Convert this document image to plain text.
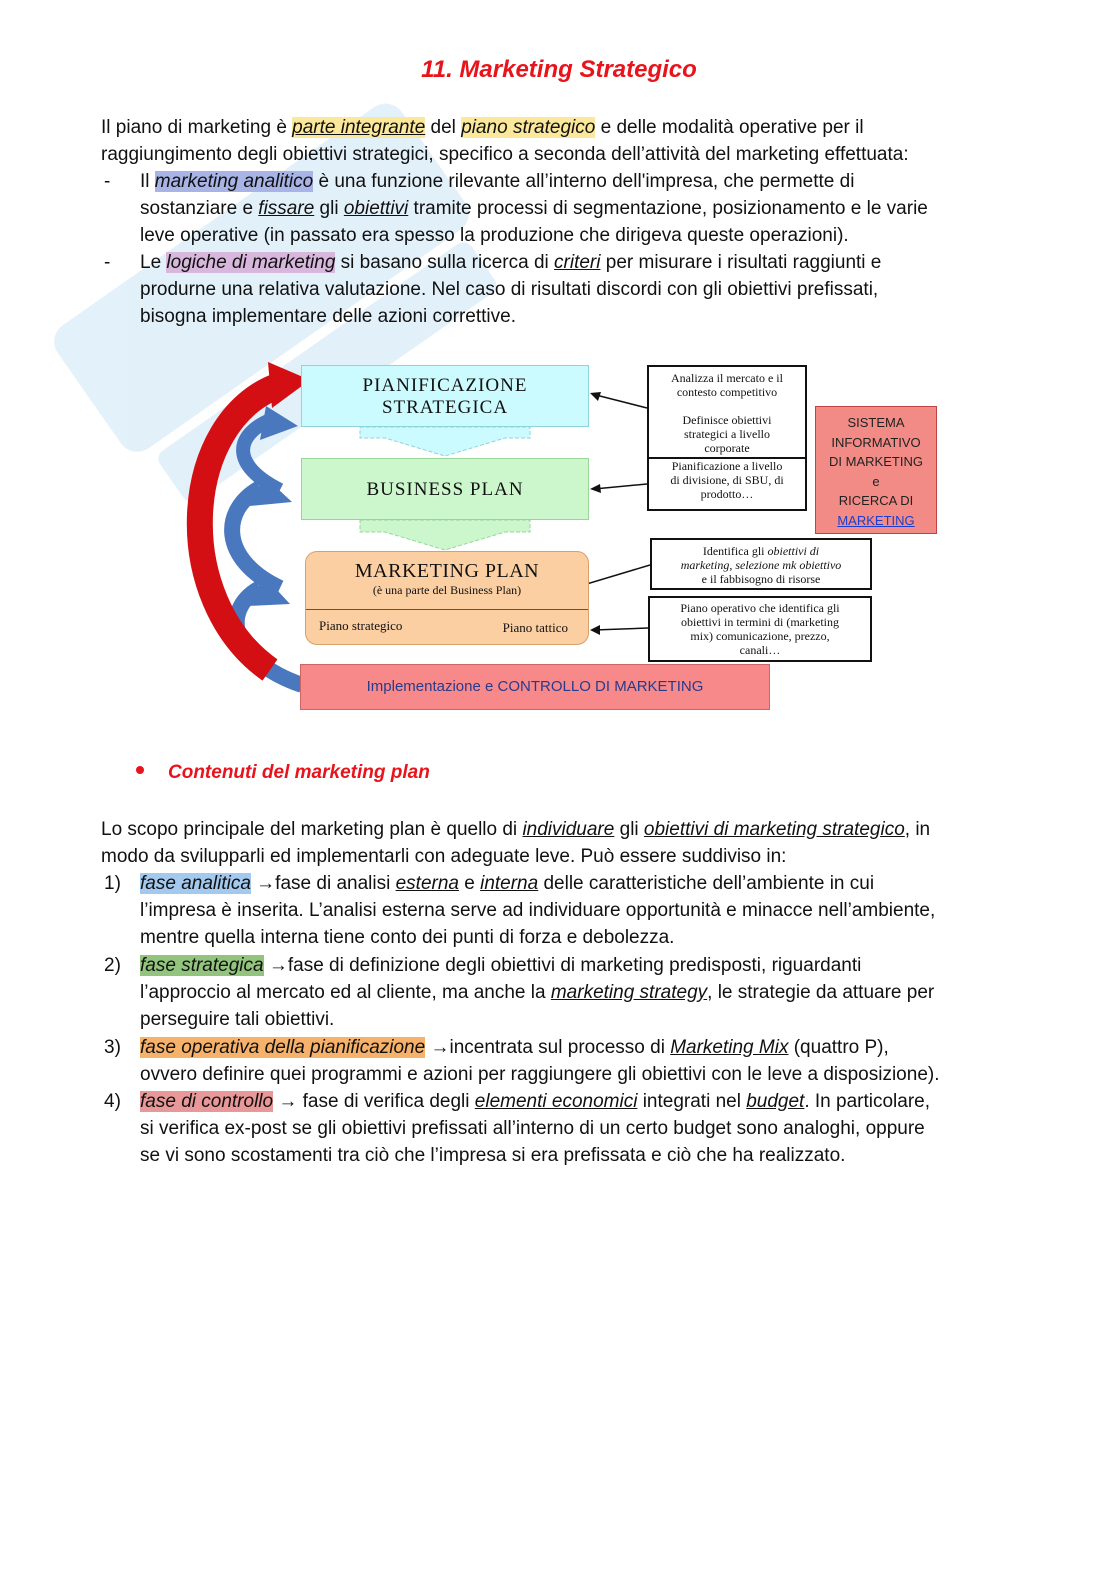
11. Marketing Strategico
Il piano di marketing è parte integrante del piano strategico e delle modalità operative per il
raggiungimento degli obiettivi strategici, specifico a seconda dell’attività del marketing effettuata:
- Il marketing analitico è una funzione rilevante all’interno dell'impresa, che permette di
sostanziare e fissare gli obiettivi tramite processi di segmentazione, posizionamento e le varie
leve operative (in passato era spesso la produzione che dirigeva queste operazioni).
- Le logiche di marketing si basano sulla ricerca di criteri per misurare i risultati raggiunti e
produrne una relativa valutazione. Nel caso di risultati discordi con gli obiettivi prefissati,
bisogna implementare delle azioni correttive.
PIANIFICAZIONE
STRATEGICA
BUSINESS PLAN
MARKETING PLAN
(è una parte del Business Plan)
Piano strategico	Piano tattico
Implementazione e CONTROLLO DI MARKETING
Analizza il mercato e il
contesto competitivo
Definisce obiettivi
strategici a livello
corporate
Pianificazione a livello
di divisione, di SBU, di
prodotto…
Identifica gli obiettivi di
marketing, selezione mk obiettivo
e il fabbisogno di risorse
Piano operativo che identifica gli
obiettivi in termini di (marketing
mix) comunicazione, prezzo,
canali…
SISTEMA
INFORMATIVO
DI MARKETING
e
RICERCA DI
MARKETING
Contenuti del marketing plan
Lo scopo principale del marketing plan è quello di individuare gli obiettivi di marketing strategico, in
modo da svilupparli ed implementarli con adeguate leve. Può essere suddiviso in:
1) fase analitica →fase di analisi esterna e interna delle caratteristiche dell’ambiente in cui
l’impresa è inserita. L’analisi esterna serve ad individuare opportunità e minacce nell’ambiente,
mentre quella interna tiene conto dei punti di forza e debolezza.
2) fase strategica →fase di definizione degli obiettivi di marketing predisposti, riguardanti
l’approccio al mercato ed al cliente, ma anche la marketing strategy, le strategie da attuare per
perseguire tali obiettivi.
3) fase operativa della pianificazione →incentrata sul processo di Marketing Mix (quattro P),
ovvero definire quei programmi e azioni per raggiungere gli obiettivi con le leve a disposizione).
4) fase di controllo → fase di verifica degli elementi economici integrati nel budget. In particolare,
si verifica ex-post se gli obiettivi prefissati all’interno di un certo budget sono analoghi, oppure
se vi sono scostamenti tra ciò che l’impresa si era prefissata e ciò che ha realizzato.
